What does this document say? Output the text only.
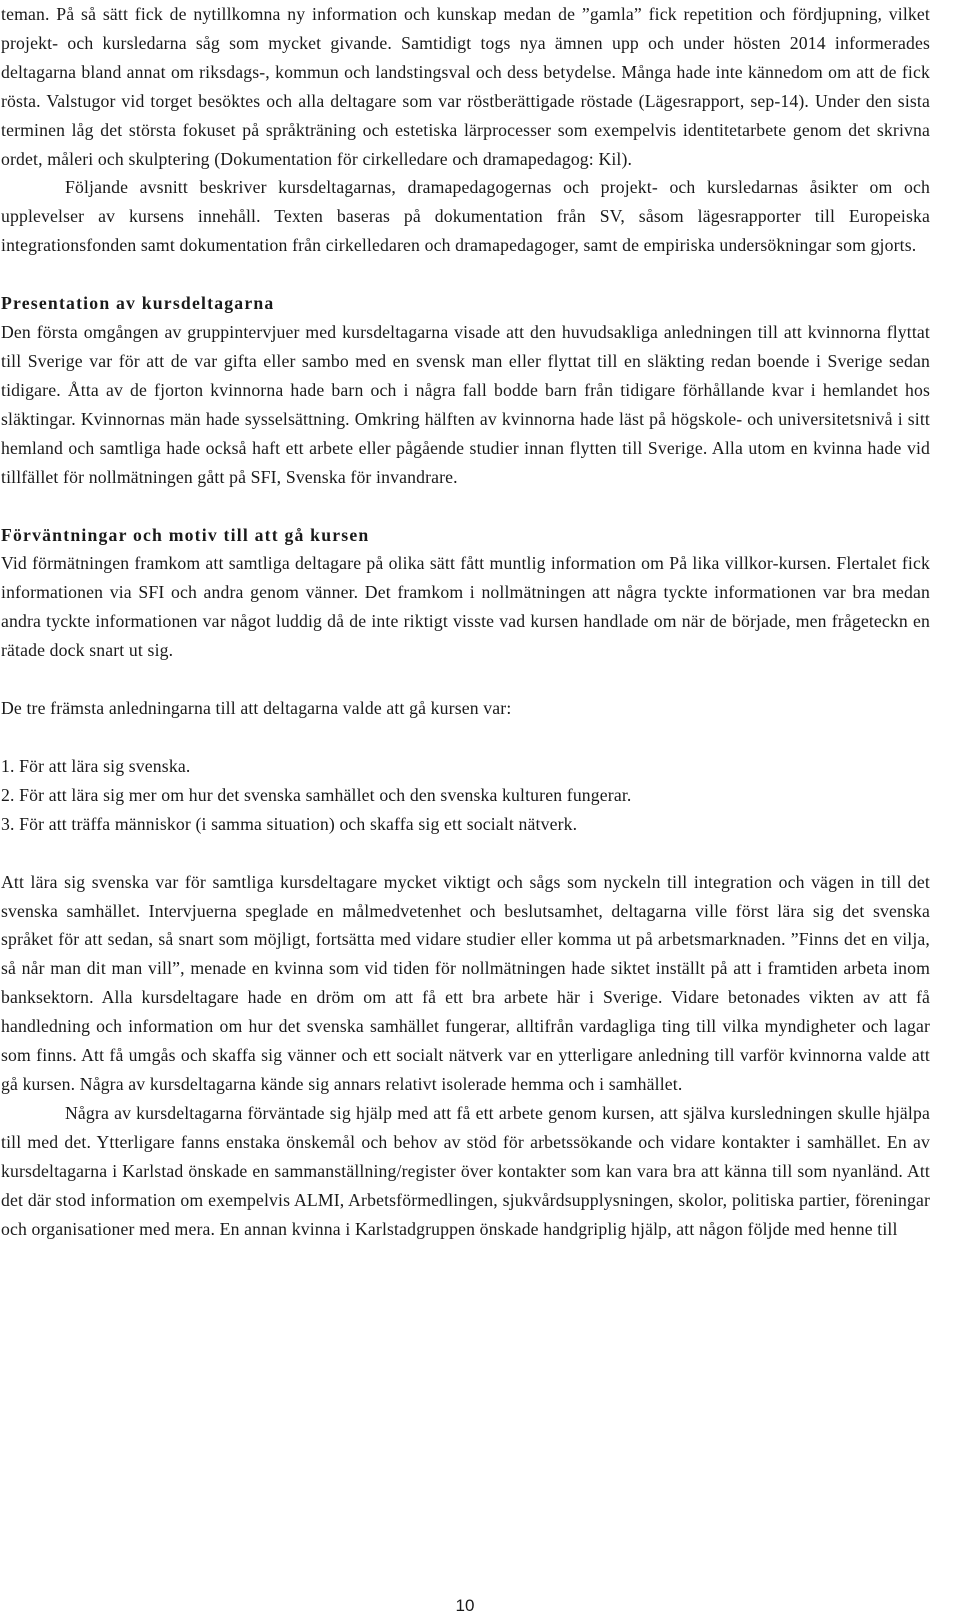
teman. På så sätt fick de nytillkomna ny information och kunskap medan de ”gamla” fick repetition och fördjupning, vilket projekt- och kursledarna såg som mycket givande. Samtidigt togs nya ämnen upp och under hösten 2014 informerades deltagarna bland annat om riksdags-, kommun och landstingsval och dess betydelse. Många hade inte kännedom om att de fick rösta. Valstugor vid torget besöktes och alla deltagare som var röstberättigade röstade (Lägesrapport, sep-14). Under den sista terminen låg det största fokuset på språkträning och estetiska lärprocesser som exempelvis identitetarbete genom det skrivna ordet, måleri och skulptering (Dokumentation för cirkelledare och dramapedagog: Kil).

Följande avsnitt beskriver kursdeltagarnas, dramapedagogernas och projekt- och kursledarnas åsikter om och upplevelser av kursens innehåll. Texten baseras på dokumentation från SV, såsom lägesrapporter till Europeiska integrationsfonden samt dokumentation från cirkelledaren och dramapedagoger, samt de empiriska undersökningar som gjorts.

Presentation av kursdeltagarna

Den första omgången av gruppintervjuer med kursdeltagarna visade att den huvudsakliga anledningen till att kvinnorna flyttat till Sverige var för att de var gifta eller sambo med en svensk man eller flyttat till en släkting redan boende i Sverige sedan tidigare. Åtta av de fjorton kvinnorna hade barn och i några fall bodde barn från tidigare förhållande kvar i hemlandet hos släktingar. Kvinnornas män hade sysselsättning. Omkring hälften av kvinnorna hade läst på högskole- och universitetsnivå i sitt hemland och samtliga hade också haft ett arbete eller pågående studier innan flytten till Sverige. Alla utom en kvinna hade vid tillfället för nollmätningen gått på SFI, Svenska för invandrare.

Förväntningar och motiv till att gå kursen

Vid förmätningen framkom att samtliga deltagare på olika sätt fått muntlig information om På lika villkor-kursen. Flertalet fick informationen via SFI och andra genom vänner. Det framkom i nollmätningen att några tyckte informationen var bra medan andra tyckte informationen var något luddig då de inte riktigt visste vad kursen handlade om när de började, men frågeteckn en rätade dock snart ut sig.

De tre främsta anledningarna till att deltagarna valde att gå kursen var:

1. För att lära sig svenska.
2. För att lära sig mer om hur det svenska samhället och den svenska kulturen fungerar.
3. För att träffa människor (i samma situation) och skaffa sig ett socialt nätverk.

Att lära sig svenska var för samtliga kursdeltagare mycket viktigt och sågs som nyckeln till integration och vägen in till det svenska samhället. Intervjuerna speglade en målmedvetenhet och beslutsamhet, deltagarna ville först lära sig det svenska språket för att sedan, så snart som möjligt, fortsätta med vidare studier eller komma ut på arbetsmarknaden. ”Finns det en vilja, så når man dit man vill”, menade en kvinna som vid tiden för nollmätningen hade siktet inställt på att i framtiden arbeta inom banksektorn. Alla kursdeltagare hade en dröm om att få ett bra arbete här i Sverige. Vidare betonades vikten av att få handledning och information om hur det svenska samhället fungerar, alltifrån vardagliga ting till vilka myndigheter och lagar som finns. Att få umgås och skaffa sig vänner och ett socialt nätverk var en ytterligare anledning till varför kvinnorna valde att gå kursen. Några av kursdeltagarna kände sig annars relativt isolerade hemma och i samhället.

Några av kursdeltagarna förväntade sig hjälp med att få ett arbete genom kursen, att själva kursledningen skulle hjälpa till med det. Ytterligare fanns enstaka önskemål och behov av stöd för arbetssökande och vidare kontakter i samhället. En av kursdeltagarna i Karlstad önskade en sammanställning/register över kontakter som kan vara bra att känna till som nyanländ. Att det där stod information om exempelvis ALMI, Arbetsförmedlingen, sjukvårdsupplysningen, skolor, politiska partier, föreningar och organisationer med mera. En annan kvinna i Karlstadgruppen önskade handgriplig hjälp, att någon följde med henne till

10
